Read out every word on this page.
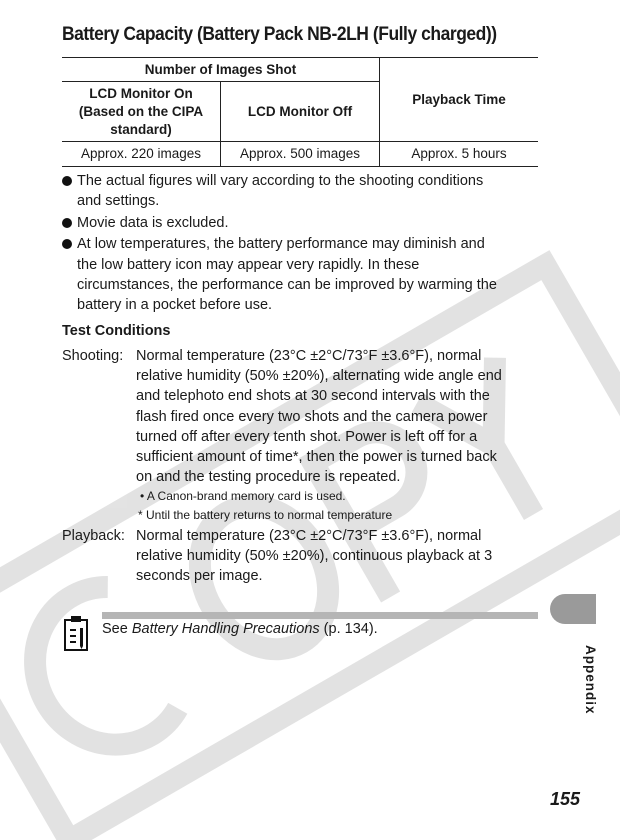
Battery Capacity (Battery Pack NB-2LH (Fully charged))
Number of Images Shot		Playback Time

LCD Monitor On
(Based on the CIPA
standard)	LCD Monitor Off	
Approx. 220 images	Approx. 500 images	Approx. 5 hours
The actual figures will vary according to the shooting conditions
and settings.
Movie data is excluded.
At low temperatures, the battery performance may diminish and
the low battery icon may appear very rapidly. In these
circumstances, the performance can be improved by warming the
battery in a pocket before use.
Test Conditions
Shooting: Normal temperature (23°C ±2°C/73°F ±3.6°F), normal
relative humidity (50% ±20%), alternating wide angle end
and telephoto end shots at 30 second intervals with the
flash fired once every two shots and the camera power
turned off after every tenth shot. Power is left off for a
sufficient amount of time*, then the power is turned back
on and the testing procedure is repeated.
• A Canon-brand memory card is used.
* Until the battery returns to normal temperature
Playback: Normal temperature (23°C ±2°C/73°F ±3.6°F), normal
relative humidity (50% ±20%), continuous playback at 3
seconds per image.
See Battery Handling Precautions (p. 134).
Appendix
155
